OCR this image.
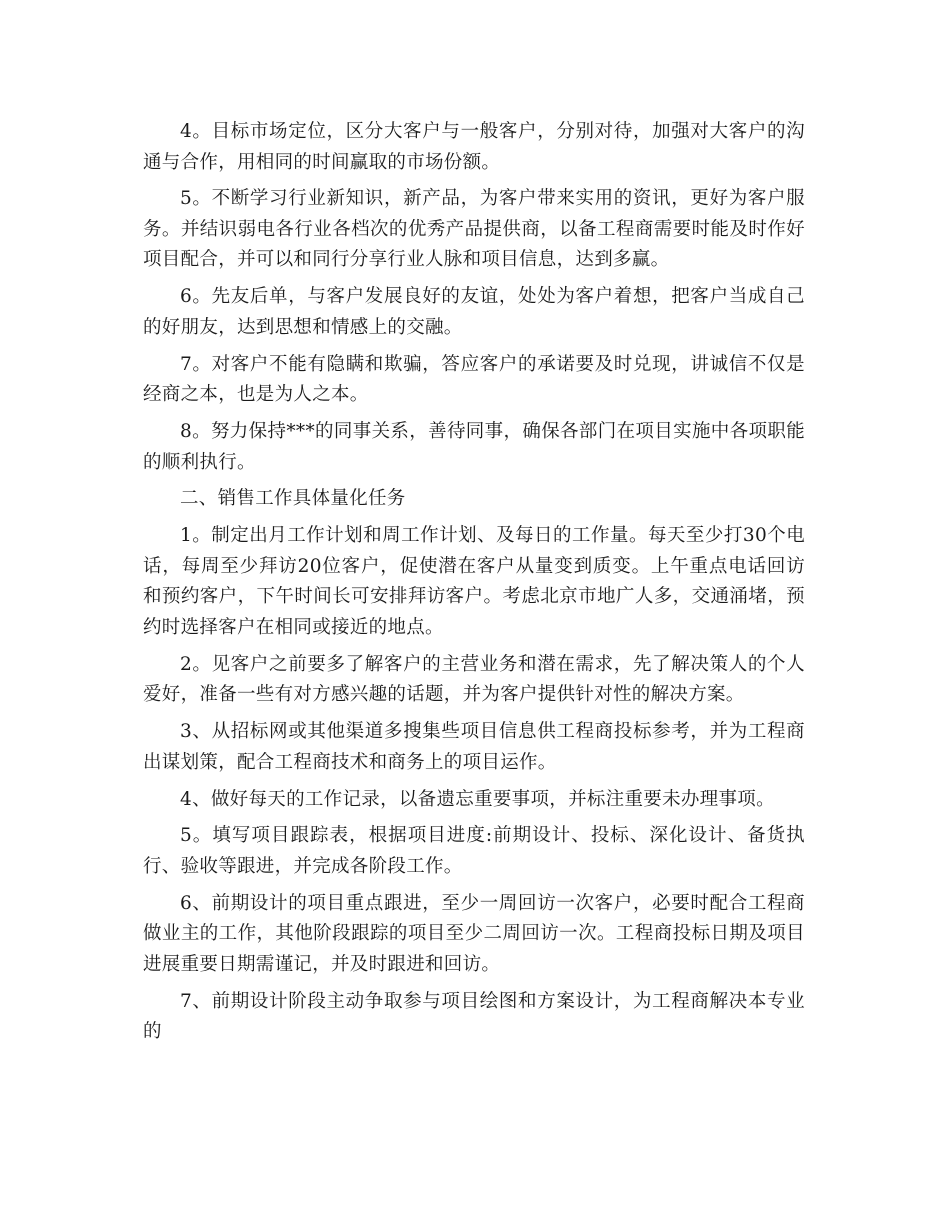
4。目标市场定位，区分大客户与一般客户，分别对待，加强对大客户的沟通与合作，用相同的时间赢取的市场份额。

5。不断学习行业新知识，新产品，为客户带来实用的资讯，更好为客户服务。并结识弱电各行业各档次的优秀产品提供商，以备工程商需要时能及时作好项目配合，并可以和同行分享行业人脉和项目信息，达到多赢。

6。先友后单，与客户发展良好的友谊，处处为客户着想，把客户当成自己的好朋友，达到思想和情感上的交融。

7。对客户不能有隐瞒和欺骗，答应客户的承诺要及时兑现，讲诚信不仅是经商之本，也是为人之本。

8。努力保持***的同事关系，善待同事，确保各部门在项目实施中各项职能的顺利执行。

二、销售工作具体量化任务

1。制定出月工作计划和周工作计划、及每日的工作量。每天至少打30个电话，每周至少拜访20位客户，促使潜在客户从量变到质变。上午重点电话回访和预约客户，下午时间长可安排拜访客户。考虑北京市地广人多，交通涌堵，预约时选择客户在相同或接近的地点。

2。见客户之前要多了解客户的主营业务和潜在需求，先了解决策人的个人爱好，准备一些有对方感兴趣的话题，并为客户提供针对性的解决方案。

3、从招标网或其他渠道多搜集些项目信息供工程商投标参考，并为工程商出谋划策，配合工程商技术和商务上的项目运作。

4、做好每天的工作记录，以备遗忘重要事项，并标注重要未办理事项。

5。填写项目跟踪表，根据项目进度:前期设计、投标、深化设计、备货执行、验收等跟进，并完成各阶段工作。

6、前期设计的项目重点跟进，至少一周回访一次客户，必要时配合工程商做业主的工作，其他阶段跟踪的项目至少二周回访一次。工程商投标日期及项目进展重要日期需谨记，并及时跟进和回访。

7、前期设计阶段主动争取参与项目绘图和方案设计，为工程商解决本专业的
